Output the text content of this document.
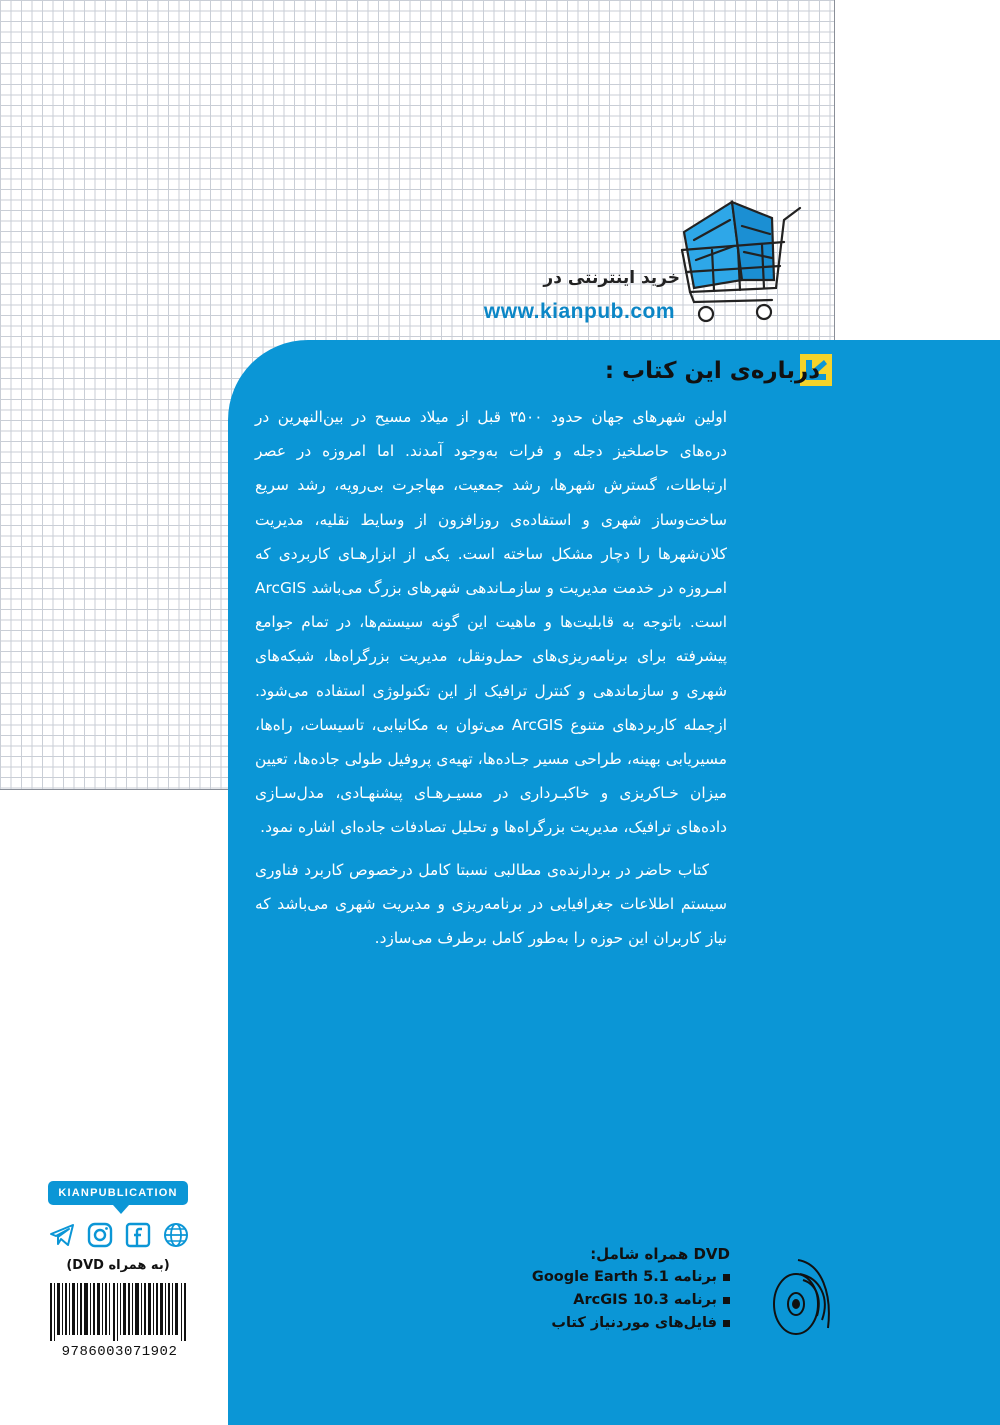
خرید اینترنتی در
www.kianpub.com
درباره‌ی این کتاب :

اولین شهرهای جهان حدود ۳۵۰۰ قبل از میلاد مسیح در بین‌النهرین در دره‌های حاصلخیز دجله و فرات به‌وجود آمدند. اما امروزه در عصر ارتباطات، گسترش شهرها، رشد جمعیت، مهاجرت بی‌رویه، رشد سریع ساخت‌وساز شهری و استفاده‌ی روزافزون از وسایط نقلیه، مدیریت کلان‌شهرها را دچار مشکل ساخته است. یکی از ابزارهـای کاربردی که امـروزه در خدمت مدیریت و سازمـاندهی شهرهای بزرگ می‌باشد ArcGIS است. باتوجه به قابلیت‌ها و ماهیت این گونه سیستم‌ها، در تمام جوامع پیشرفته برای برنامه‌ریزی‌های حمل‌ونقل، مدیریت بزرگراه‌ها، شبکه‌های شهری و سازماندهی و کنترل ترافیک از این تکنولوژی استفاده می‌شود. ازجمله کاربردهای متنوع ArcGIS می‌توان به مکانیابی، تاسیسات، راه‌ها، مسیریابی بهینه، طراحی مسیر جـاده‌ها، تهیه‌ی پروفیل طولی جاده‌ها، تعیین میزان خـاکریزی و خاکبـرداری در مسیـرهـای پیشنهـادی، مدل‌سـازی داده‌های ترافیک، مدیریت بزرگراه‌ها و تحلیل تصادفات جاده‌ای اشاره نمود.

کتاب حاضر در بردارنده‌ی مطالبی نسبتا کامل درخصوص کاربرد فناوری سیستم اطلاعات جغرافیایی در برنامه‌ریزی و مدیریت شهری می‌باشد که نیاز کاربران این حوزه را به‌طور کامل برطرف می‌سازد.

DVD همراه شامل:
برنامه Google Earth 5.1
برنامه ArcGIS 10.3
فایل‌های موردنیاز کتاب
KIANPUBLICATION
(به همراه DVD)
9786003071902
